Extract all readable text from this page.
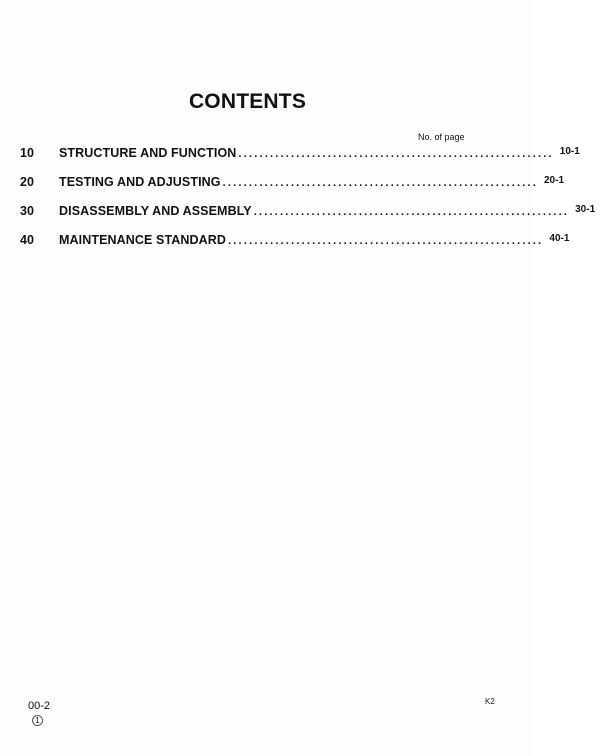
CONTENTS
No. of page
10	STRUCTURE AND FUNCTION ............................................................ 10-1
20	TESTING AND ADJUSTING ............................................................ 20-1
30	DISASSEMBLY AND ASSEMBLY ............................................................ 30-1
40	MAINTENANCE STANDARD ............................................................ 40-1
00-2
1
K2
